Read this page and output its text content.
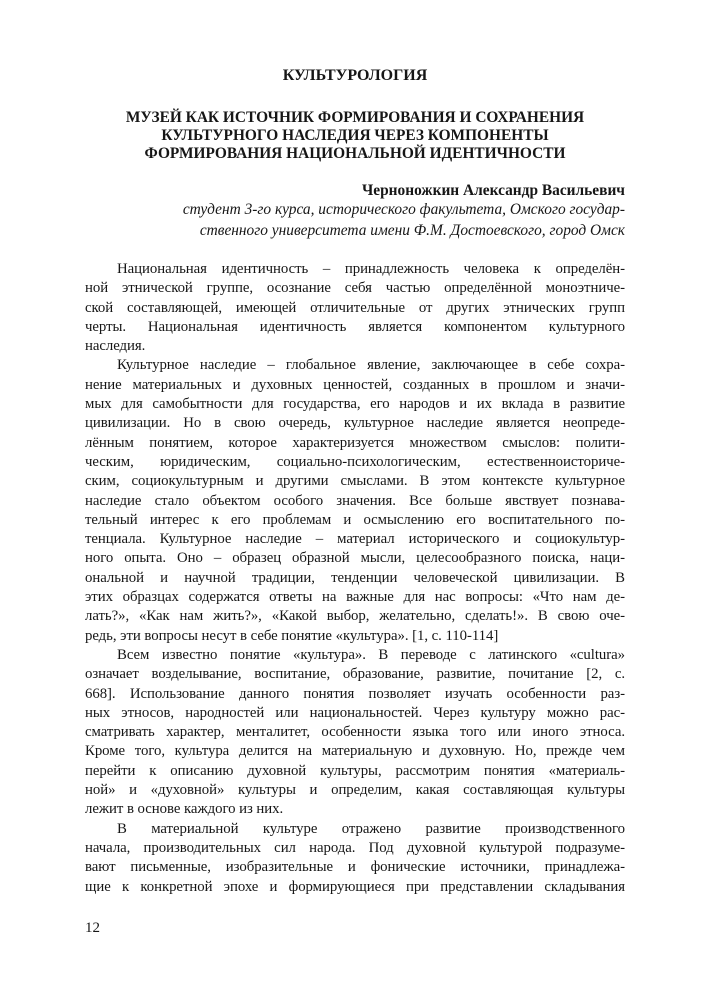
КУЛЬТУРОЛОГИЯ
МУЗЕЙ КАК ИСТОЧНИК ФОРМИРОВАНИЯ И СОХРАНЕНИЯ
КУЛЬТУРНОГО НАСЛЕДИЯ ЧЕРЕЗ КОМПОНЕНТЫ
ФОРМИРОВАНИЯ НАЦИОНАЛЬНОЙ ИДЕНТИЧНОСТИ
Черноножкин Александр Васильевич
студент 3-го курса, исторического факультета, Омского государ-
ственного университета имени Ф.М. Достоевского, город Омск
Национальная идентичность – принадлежность человека к определён-
ной этнической группе, осознание себя частью определённой моноэтниче-
ской составляющей, имеющей отличительные от других этнических групп
черты. Национальная идентичность является компонентом культурного
наследия.
Культурное наследие – глобальное явление, заключающее в себе сохра-
нение материальных и духовных ценностей, созданных в прошлом и значи-
мых для самобытности для государства, его народов и их вклада в развитие
цивилизации. Но в свою очередь, культурное наследие является неопреде-
лённым понятием, которое характеризуется множеством смыслов: полити-
ческим, юридическим, социально-психологическим, естественноисториче-
ским, социокультурным и другими смыслами. В этом контексте культурное
наследие стало объектом особого значения. Все больше явствует познава-
тельный интерес к его проблемам и осмыслению его воспитательного по-
тенциала. Культурное наследие – материал исторического и социокультур-
ного опыта. Оно – образец образной мысли, целесообразного поиска, наци-
ональной и научной традиции, тенденции человеческой цивилизации. В
этих образцах содержатся ответы на важные для нас вопросы: «Что нам де-
лать?», «Как нам жить?», «Какой выбор, желательно, сделать!». В свою оче-
редь, эти вопросы несут в себе понятие «культура». [1, с. 110-114]
Всем известно понятие «культура». В переводе с латинского «cultura»
означает возделывание, воспитание, образование, развитие, почитание [2, с.
668]. Использование данного понятия позволяет изучать особенности раз-
ных этносов, народностей или национальностей. Через культуру можно рас-
сматривать характер, менталитет, особенности языка того или иного этноса.
Кроме того, культура делится на материальную и духовную. Но, прежде чем
перейти к описанию духовной культуры, рассмотрим понятия «материаль-
ной» и «духовной» культуры и определим, какая составляющая культуры
лежит в основе каждого из них.
В материальной культуре отражено развитие производственного
начала, производительных сил народа. Под духовной культурой подразуме-
вают письменные, изобразительные и фонические источники, принадлежа-
щие к конкретной эпохе и формирующиеся при представлении складывания
12
